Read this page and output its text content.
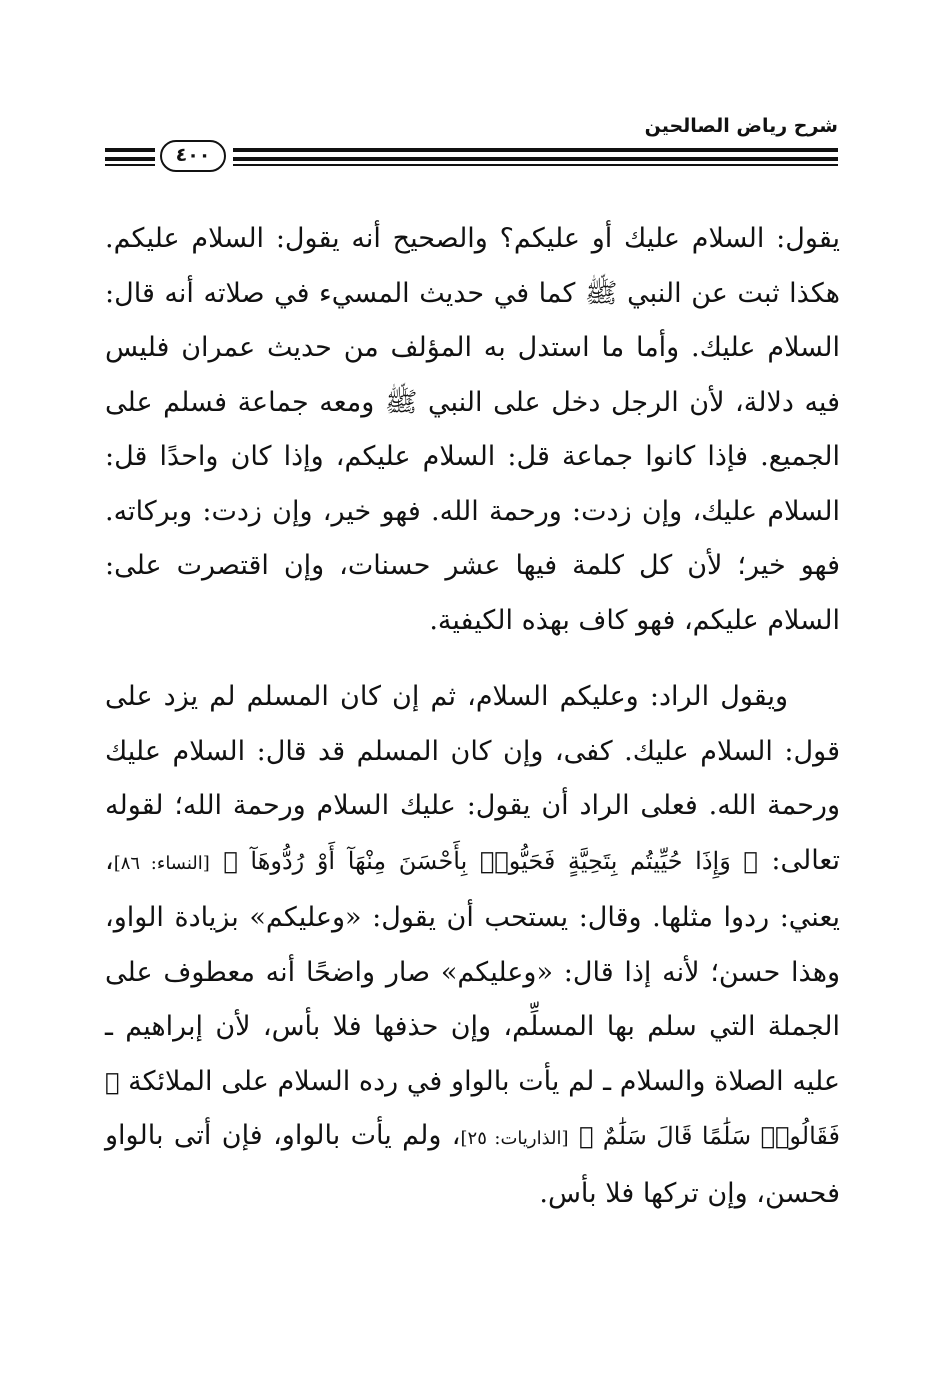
شرح رياض الصالحين
٤٠٠

يقول: السلام عليك أو عليكم؟ والصحيح أنه يقول: السلام عليكم. هكذا ثبت عن النبي ﷺ كما في حديث المسيء في صلاته أنه قال: السلام عليك. وأما ما استدل به المؤلف من حديث عمران فليس فيه دلالة، لأن الرجل دخل على النبي ﷺ ومعه جماعة فسلم على الجميع. فإذا كانوا جماعة قل: السلام عليكم، وإذا كان واحدًا قل: السلام عليك، وإن زدت: ورحمة الله. فهو خير، وإن زدت: وبركاته. فهو خير؛ لأن كل كلمة فيها عشر حسنات، وإن اقتصرت على: السلام عليكم، فهو كاف بهذه الكيفية.

ويقول الراد: وعليكم السلام، ثم إن كان المسلم لم يزد على قول: السلام عليك. كفى، وإن كان المسلم قد قال: السلام عليك ورحمة الله. فعلى الراد أن يقول: عليك السلام ورحمة الله؛ لقوله تعالى: ﴿ وَإِذَا حُيِّيتُم بِتَحِيَّةٍ فَحَيُّوا۟ بِأَحْسَنَ مِنْهَآ أَوْ رُدُّوهَآ ﴾ [النساء: ٨٦]، يعني: ردوا مثلها. وقال: يستحب أن يقول: «وعليكم» بزيادة الواو، وهذا حسن؛ لأنه إذا قال: «وعليكم» صار واضحًا أنه معطوف على الجملة التي سلم بها المسلِّم، وإن حذفها فلا بأس، لأن إبراهيم ـ عليه الصلاة والسلام ـ لم يأت بالواو في رده السلام على الملائكة ﴿ فَقَالُوا۟ سَلَٰمًا قَالَ سَلَٰمٌ ﴾ [الذاريات: ٢٥]، ولم يأت بالواو، فإن أتى بالواو فحسن، وإن تركها فلا بأس.
